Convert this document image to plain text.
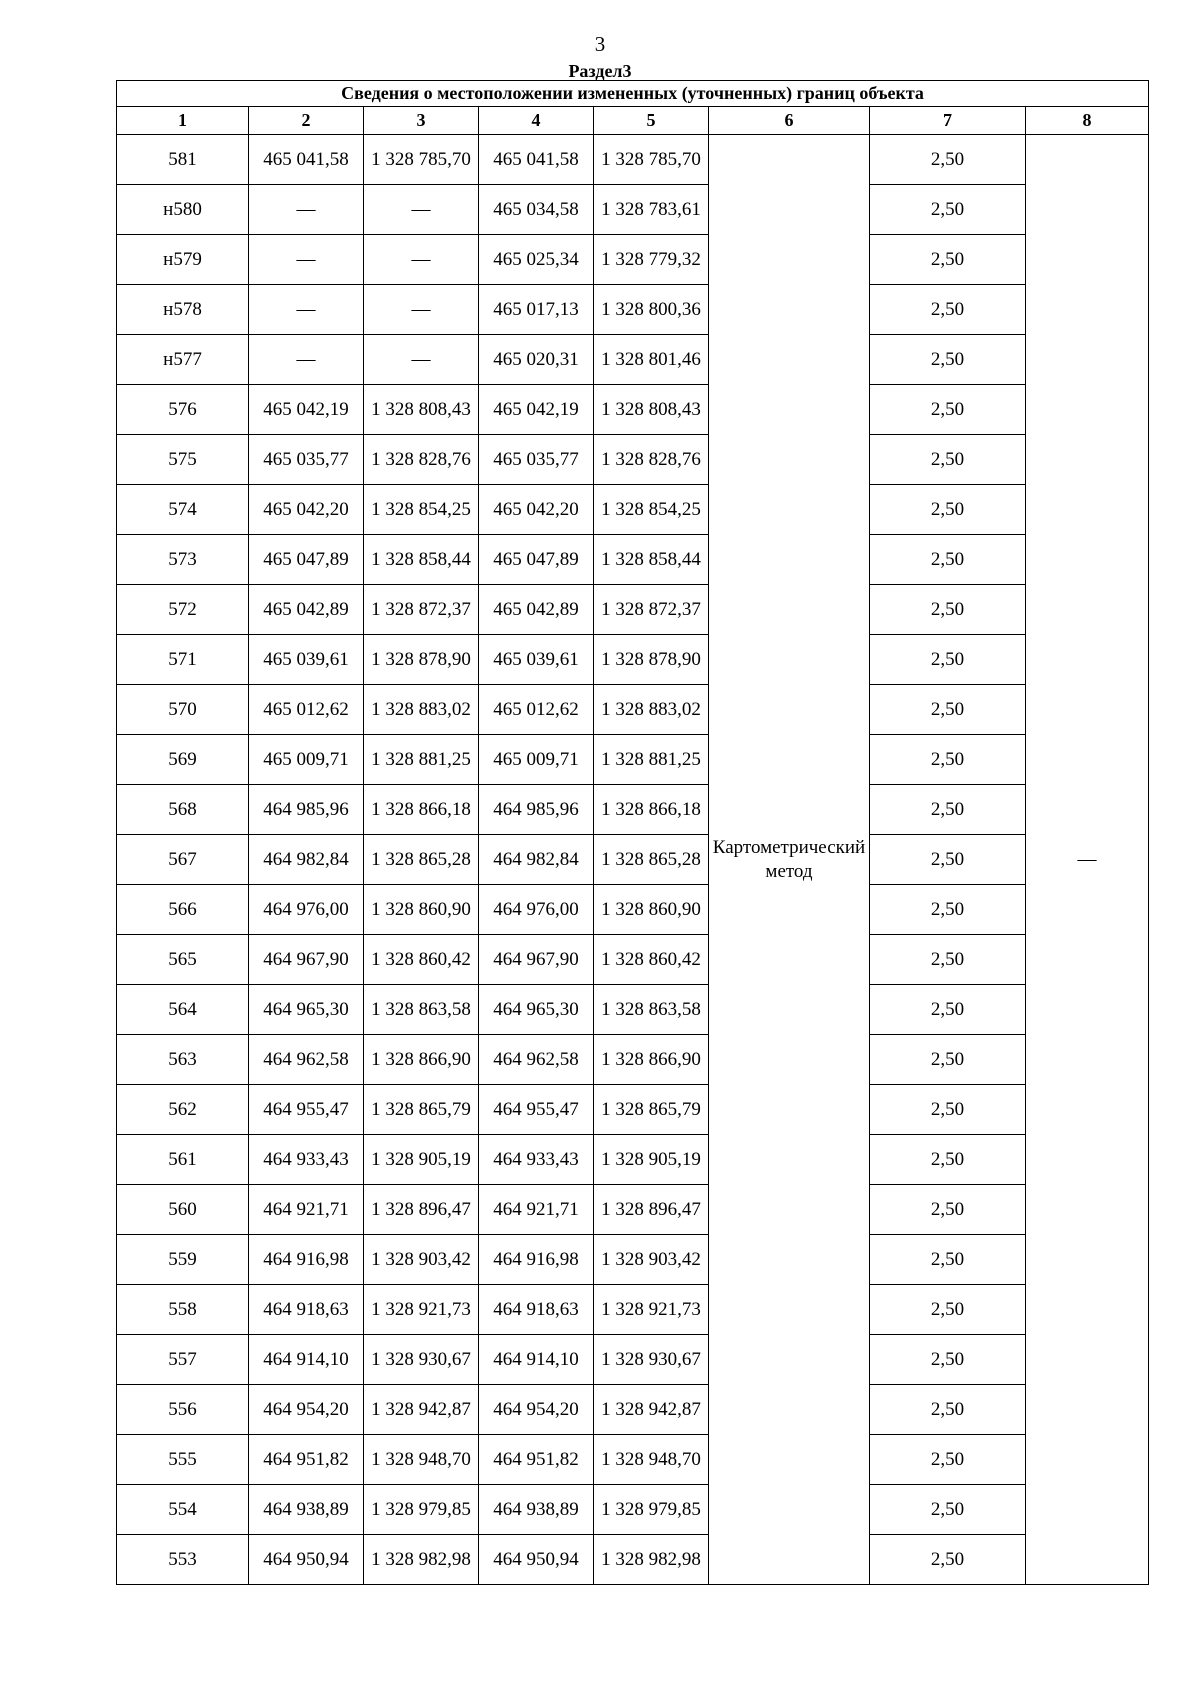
3
Раздел3
Сведения о местоположении измененных (уточненных) границ объекта							
1	2	3	4	5	6	7	8
581	465 041,58	1 328 785,70	465 041,58	1 328 785,70	Картометрический метод	2,50	—
н580	—	—	465 034,58	1 328 783,61		2,50	
н579	—	—	465 025,34	1 328 779,32		2,50	
н578	—	—	465 017,13	1 328 800,36		2,50	
н577	—	—	465 020,31	1 328 801,46		2,50	
576	465 042,19	1 328 808,43	465 042,19	1 328 808,43		2,50	
575	465 035,77	1 328 828,76	465 035,77	1 328 828,76		2,50	
574	465 042,20	1 328 854,25	465 042,20	1 328 854,25		2,50	
573	465 047,89	1 328 858,44	465 047,89	1 328 858,44		2,50	
572	465 042,89	1 328 872,37	465 042,89	1 328 872,37		2,50	
571	465 039,61	1 328 878,90	465 039,61	1 328 878,90		2,50	
570	465 012,62	1 328 883,02	465 012,62	1 328 883,02		2,50	
569	465 009,71	1 328 881,25	465 009,71	1 328 881,25		2,50	
568	464 985,96	1 328 866,18	464 985,96	1 328 866,18		2,50	
567	464 982,84	1 328 865,28	464 982,84	1 328 865,28		2,50	
566	464 976,00	1 328 860,90	464 976,00	1 328 860,90		2,50	
565	464 967,90	1 328 860,42	464 967,90	1 328 860,42		2,50	
564	464 965,30	1 328 863,58	464 965,30	1 328 863,58		2,50	
563	464 962,58	1 328 866,90	464 962,58	1 328 866,90		2,50	
562	464 955,47	1 328 865,79	464 955,47	1 328 865,79		2,50	
561	464 933,43	1 328 905,19	464 933,43	1 328 905,19		2,50	
560	464 921,71	1 328 896,47	464 921,71	1 328 896,47		2,50	
559	464 916,98	1 328 903,42	464 916,98	1 328 903,42		2,50	
558	464 918,63	1 328 921,73	464 918,63	1 328 921,73		2,50	
557	464 914,10	1 328 930,67	464 914,10	1 328 930,67		2,50	
556	464 954,20	1 328 942,87	464 954,20	1 328 942,87		2,50	
555	464 951,82	1 328 948,70	464 951,82	1 328 948,70		2,50	
554	464 938,89	1 328 979,85	464 938,89	1 328 979,85		2,50	
553	464 950,94	1 328 982,98	464 950,94	1 328 982,98		2,50	
